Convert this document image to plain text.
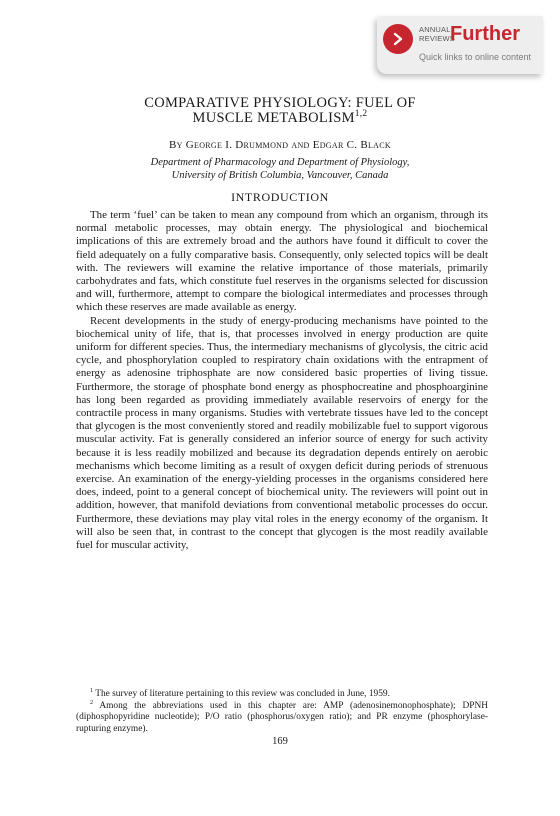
ANNUAL
REVIEWS
Further
Quick links to online content
COMPARATIVE PHYSIOLOGY: FUEL OF
MUSCLE METABOLISM$^{1,2}$
By George I. Drummond and Edgar C. Black
Department of Pharmacology and Department of Physiology,
University of British Columbia, Vancouver, Canada
INTRODUCTION

The term ‘fuel’ can be taken to mean any compound from which an organism, through its normal metabolic processes, may obtain energy. The physiological and biochemical implications of this are extremely broad and the authors have found it difficult to cover the field adequately on a fully comparative basis. Consequently, only selected topics will be dealt with. The reviewers will examine the relative importance of those materials, primarily carbohydrates and fats, which constitute fuel reserves in the organisms selected for discussion and will, furthermore, attempt to compare the biological intermediates and processes through which these reserves are made available as energy.

Recent developments in the study of energy-producing mechanisms have pointed to the biochemical unity of life, that is, that processes involved in energy production are quite uniform for different species. Thus, the intermediary mechanisms of glycolysis, the citric acid cycle, and phosphorylation coupled to respiratory chain oxidations with the entrapment of energy as adenosine triphosphate are now considered basic properties of living tissue. Furthermore, the storage of phosphate bond energy as phosphocreatine and phosphoarginine has long been regarded as providing immediately available reservoirs of energy for the contractile process in many organisms. Studies with vertebrate tissues have led to the concept that glycogen is the most conveniently stored and readily mobilizable fuel to support vigorous muscular activity. Fat is generally considered an inferior source of energy for such activity because it is less readily mobilized and because its degradation depends entirely on aerobic mechanisms which become limiting as a result of oxygen deficit during periods of strenuous exercise. An examination of the energy-yielding processes in the organisms considered here does, indeed, point to a general concept of biochemical unity. The reviewers will point out in addition, however, that manifold deviations from conventional metabolic processes do occur. Furthermore, these deviations may play vital roles in the energy economy of the organism. It will also be seen that, in contrast to the concept that glycogen is the most readily available fuel for muscular activity,

$^1$ The survey of literature pertaining to this review was concluded in June, 1959.

$^2$ Among the abbreviations used in this chapter are: AMP (adenosinemonophosphate); DPNH (diphosphopyridine nucleotide); P/O ratio (phosphorus/oxygen ratio); and PR enzyme (phosphorylase-rupturing enzyme).

169
